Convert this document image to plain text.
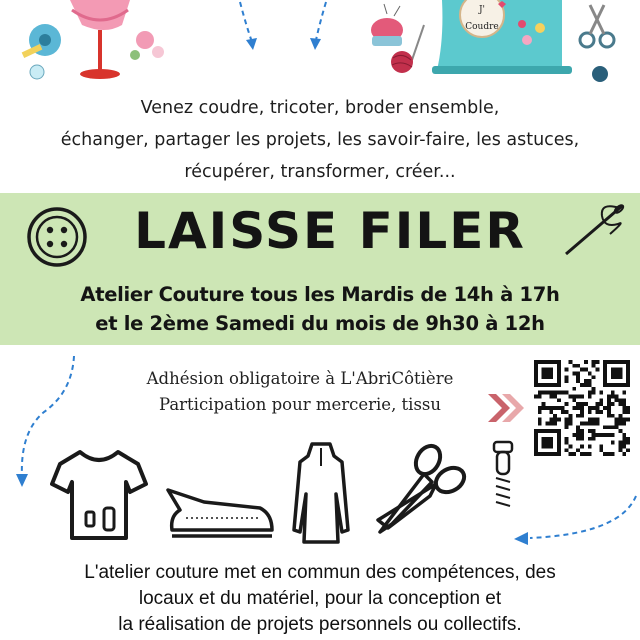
J'
Coudre
Venez coudre, tricoter, broder ensemble,
échanger, partager les projets, les savoir-faire, les astuces,
récupérer, transformer, créer...
LAISSE FILER
Atelier Couture tous les Mardis de 14h à 17h
et le 2ème Samedi du mois de 9h30 à 12h
Adhésion obligatoire à L'AbriCôtière
Participation pour mercerie, tissu
L'atelier couture met en commun des compétences, des
locaux et du matériel, pour la conception et
la réalisation de projets personnels ou collectifs.
